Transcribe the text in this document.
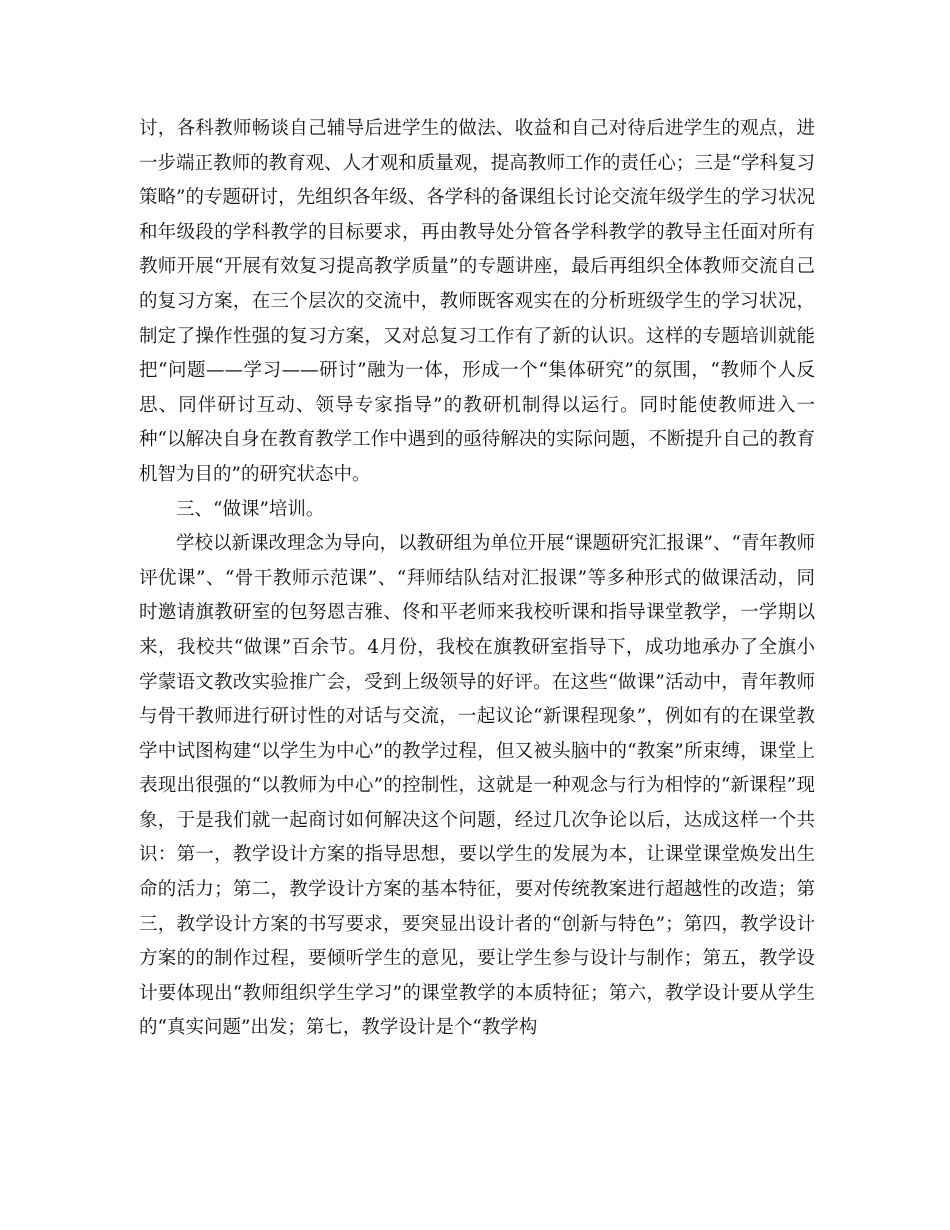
讨，各科教师畅谈自己辅导后进学生的做法、收益和自己对待后进学生的观点，进一步端正教师的教育观、人才观和质量观，提高教师工作的责任心；三是“学科复习策略”的专题研讨，先组织各年级、各学科的备课组长讨论交流年级学生的学习状况和年级段的学科教学的目标要求，再由教导处分管各学科教学的教导主任面对所有教师开展“开展有效复习提高教学质量”的专题讲座，最后再组织全体教师交流自己的复习方案，在三个层次的交流中，教师既客观实在的分析班级学生的学习状况，制定了操作性强的复习方案，又对总复习工作有了新的认识。这样的专题培训就能把“问题——学习——研讨”融为一体，形成一个“集体研究”的氛围，“教师个人反思、同伴研讨互动、领导专家指导”的教研机制得以运行。同时能使教师进入一种“以解决自身在教育教学工作中遇到的亟待解决的实际问题，不断提升自己的教育机智为目的”的研究状态中。

三、“做课”培训。

学校以新课改理念为导向，以教研组为单位开展“课题研究汇报课”、“青年教师评优课”、“骨干教师示范课”、“拜师结队结对汇报课”等多种形式的做课活动，同时邀请旗教研室的包努恩吉雅、佟和平老师来我校听课和指导课堂教学，一学期以来，我校共“做课”百余节。4月份，我校在旗教研室指导下，成功地承办了全旗小学蒙语文教改实验推广会，受到上级领导的好评。在这些“做课”活动中，青年教师与骨干教师进行研讨性的对话与交流，一起议论“新课程现象”，例如有的在课堂教学中试图构建“以学生为中心”的教学过程，但又被头脑中的“教案”所束缚，课堂上表现出很强的“以教师为中心”的控制性，这就是一种观念与行为相悖的“新课程”现象，于是我们就一起商讨如何解决这个问题，经过几次争论以后，达成这样一个共识：第一，教学设计方案的指导思想，要以学生的发展为本，让课堂课堂焕发出生命的活力；第二，教学设计方案的基本特征，要对传统教案进行超越性的改造；第三，教学设计方案的书写要求，要突显出设计者的“创新与特色”；第四，教学设计方案的的制作过程，要倾听学生的意见，要让学生参与设计与制作；第五，教学设计要体现出“教师组织学生学习”的课堂教学的本质特征；第六，教学设计要从学生的“真实问题”出发；第七，教学设计是个“教学构
